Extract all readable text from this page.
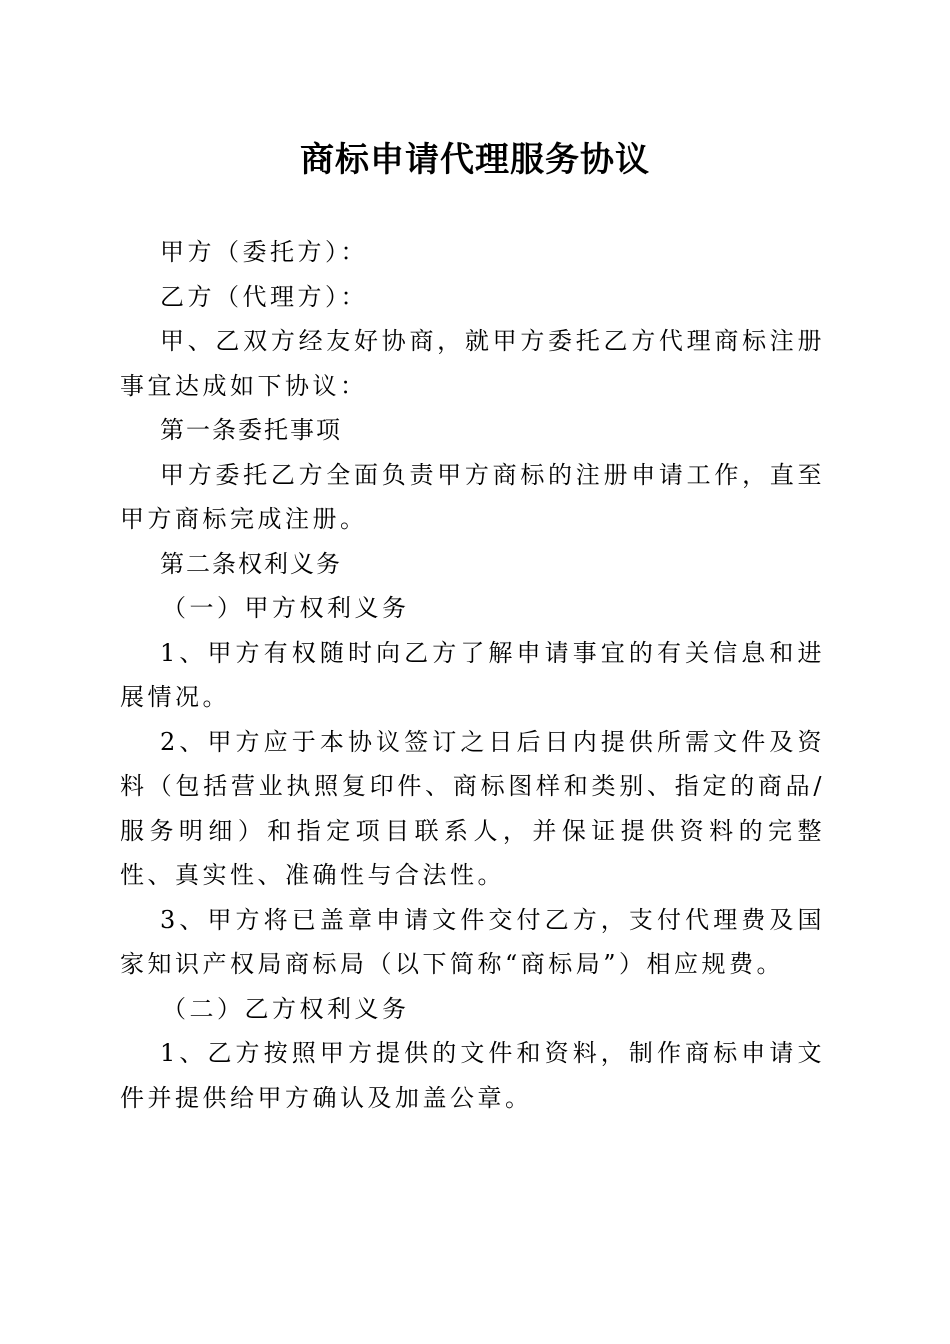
商标申请代理服务协议

甲方（委托方）：

乙方（代理方）：

甲、乙双方经友好协商，就甲方委托乙方代理商标注册事宜达成如下协议：

第一条委托事项

甲方委托乙方全面负责甲方商标的注册申请工作，直至甲方商标完成注册。

第二条权利义务

（一）甲方权利义务

1、甲方有权随时向乙方了解申请事宜的有关信息和进展情况。

2、甲方应于本协议签订之日后日内提供所需文件及资料（包括营业执照复印件、商标图样和类别、指定的商品/服务明细）和指定项目联系人，并保证提供资料的完整性、真实性、准确性与合法性。

3、甲方将已盖章申请文件交付乙方，支付代理费及国家知识产权局商标局（以下简称“商标局”）相应规费。

（二）乙方权利义务

1、乙方按照甲方提供的文件和资料，制作商标申请文件并提供给甲方确认及加盖公章。
